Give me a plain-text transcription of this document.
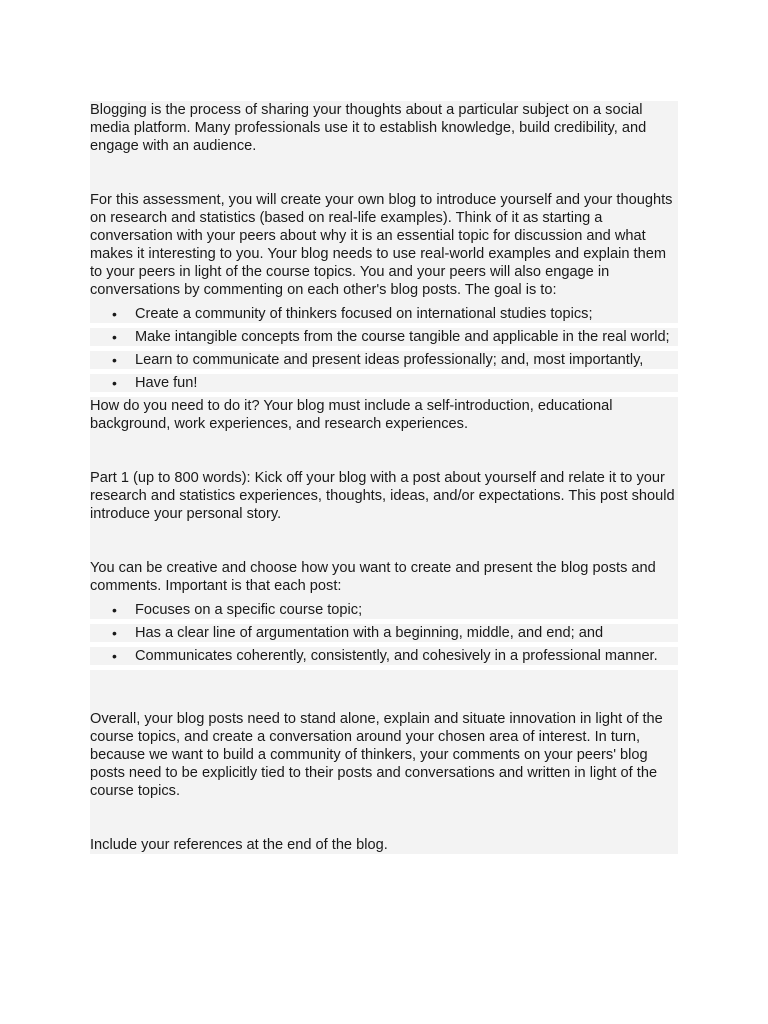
Blogging is the process of sharing your thoughts about a particular subject on a social media platform. Many professionals use it to establish knowledge, build credibility, and engage with an audience.

For this assessment, you will create your own blog to introduce yourself and your thoughts on research and statistics (based on real-life examples). Think of it as starting a conversation with your peers about why it is an essential topic for discussion and what makes it interesting to you. Your blog needs to use real-world examples and explain them to your peers in light of the course topics. You and your peers will also engage in conversations by commenting on each other's blog posts. The goal is to:

• Create a community of thinkers focused on international studies topics;
• Make intangible concepts from the course tangible and applicable in the real world;
• Learn to communicate and present ideas professionally; and, most importantly,
• Have fun!

How do you need to do it? Your blog must include a self-introduction, educational background, work experiences, and research experiences.

Part 1 (up to 800 words): Kick off your blog with a post about yourself and relate it to your research and statistics experiences, thoughts, ideas, and/or expectations. This post should introduce your personal story.

You can be creative and choose how you want to create and present the blog posts and comments. Important is that each post:

• Focuses on a specific course topic;
• Has a clear line of argumentation with a beginning, middle, and end; and
• Communicates coherently, consistently, and cohesively in a professional manner.

Overall, your blog posts need to stand alone, explain and situate innovation in light of the course topics, and create a conversation around your chosen area of interest. In turn, because we want to build a community of thinkers, your comments on your peers' blog posts need to be explicitly tied to their posts and conversations and written in light of the course topics.

Include your references at the end of the blog.
